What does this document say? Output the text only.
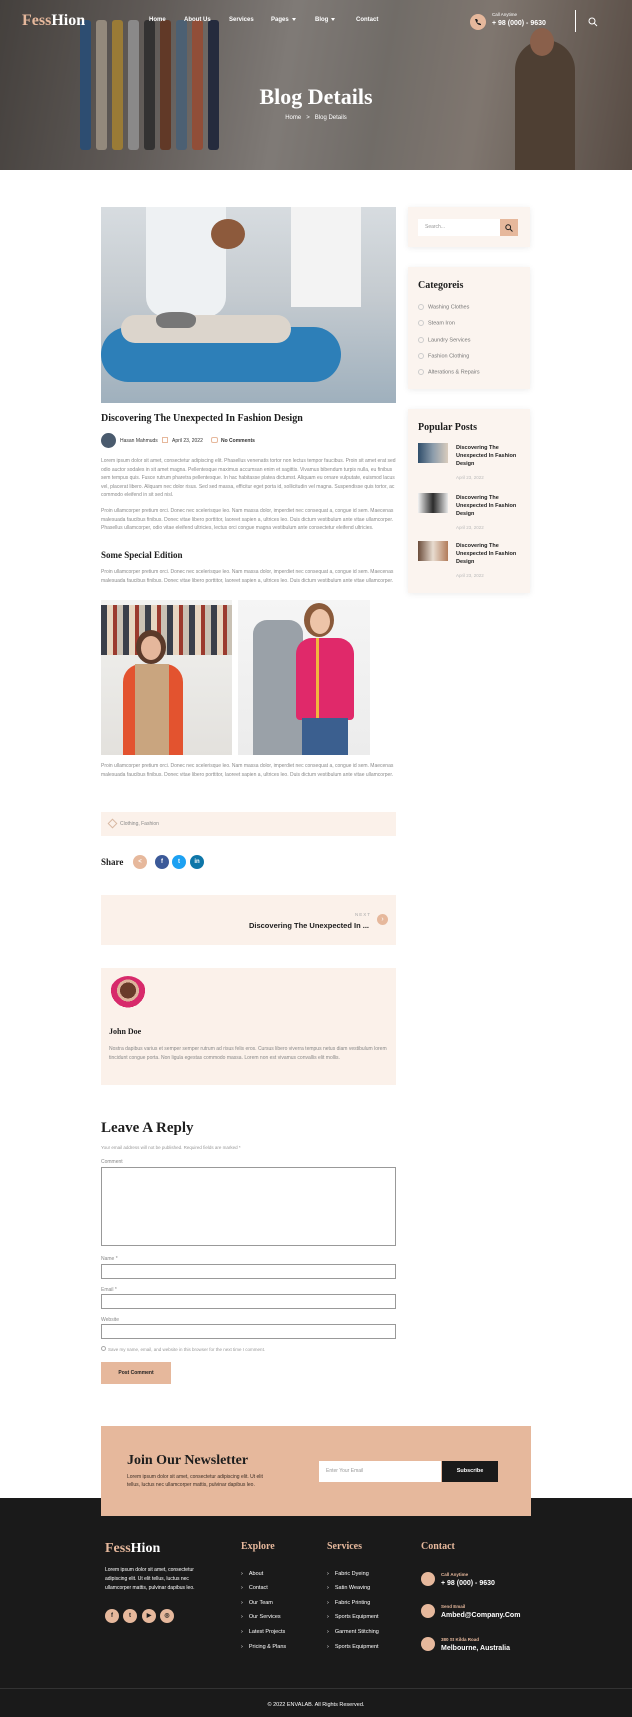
FessHion	Home	About Us	Services	Pages	Blog	Contact
Call Anytime
+ 98 (000) - 9630
Blog Details
Home > Blog Details
Discovering The Unexpected In Fashion Design
Hasan Mahmuds	April 23, 2022	No Comments
Lorem ipsum dolor sit amet, consectetur adipiscing elit. Phasellus venenatis tortor non lectus tempor faucibus. Proin sit amet erat sed odio auctor sodales in sit amet magna. Pellentesque maximus accumsan enim et sagittis. Vivamus bibendum turpis nulla, eu finibus sem tempus quis. Fusce rutrum pharetra pellentesque. In hac habitasse platea dictumst. Aliquam eu ornare vulputate, euismod lacus vel, placerat libero. Aliquam nec dolor risus. Sed sed massa, efficitur eget porta id, sollicitudin vel magna. Suspendisse quis tortor, ac commodo eleifend in sit sed nisl.
Proin ullamcorper pretium orci. Donec nec scelerisque leo. Nam massa dolor, imperdiet nec consequat a, congue id sem. Maecenas malesuada faucibus finibus. Donec vitae libero porttitor, laoreet sapien a, ultrices leo. Duis dictum vestibulum ante vitae ullamcorper. Phasellus ullamcorper, odio vitae eleifend ultricies, lectus orci congue magna vestibulum ante consectetur eleifend ultricies.
Some Special Edition
Proin ullamcorper pretium orci. Donec nec scelerisque leo. Nam massa dolor, imperdiet nec consequat a, congue id sem. Maecenas malesuada faucibus finibus. Donec vitae libero porttitor, laoreet sapien a, ultrices leo. Duis dictum vestibulum ante vitae ullamcorper.
Proin ullamcorper pretium orci. Donec nec scelerisque leo. Nam massa dolor, imperdiet nec consequat a, congue id sem. Maecenas malesuada faucibus finibus. Donec vitae libero porttitor, laoreet sapien a, ultrices leo. Duis dictum vestibulum ante vitae ullamcorper.
Clothing, Fashion
Share	<	f	t	in
NEXT
Discovering The Unexpected In ...
›
John Doe
Nostra dapibus varius et semper semper rutrum ad risus felis eros. Cursus libero viverra tempus netus diam vestibulum lorem tincidunt congue porta. Non ligula egestas commodo massa. Lorem non est vivamus convallis elit mollis.
Leave A Reply
Your email address will not be published. Required fields are marked *
Comment
Name *
Email *
Website
Save my name, email, and website in this browser for the next time I comment.
Post Comment
Search...
Categoreis
Washing Clothes
Steam Iron
Laundry Services
Fashion Clothing
Alterations & Repairs
Popular Posts
Discovering The Unexpected In Fashion Design
April 23, 2022
Discovering The Unexpected In Fashion Design
April 23, 2022
Discovering The Unexpected In Fashion Design
April 23, 2022
Join Our Newsletter
Lorem ipsum dolor sit amet, consectetur adipiscing elit. Ut elit tellus, luctus nec ullamcorper mattis, pulvinar dapibus leo.
Enter Your Email	Subscribe
FessHion
Lorem ipsum dolor sit amet, consectetur adipiscing elit. Ut elit tellus, luctus nec ullamcorper mattis, pulvinar dapibus leo.
f	t	▶	◎
Explore
› About
› Contact
› Our Team
› Our Services
› Latest Projects
› Pricing & Plans
Services
› Fabric Dyeing
› Satin Weaving
› Fabric Printing
› Sports Equipment
› Garment Stitching
› Sports Equipment
Contact
Call Anytime
+ 98 (000) - 9630
Send Email
Ambed@Company.Com
380 St Kilda Road
Melbourne, Australia
© 2022 ENVALAB. All Rights Reserved.
